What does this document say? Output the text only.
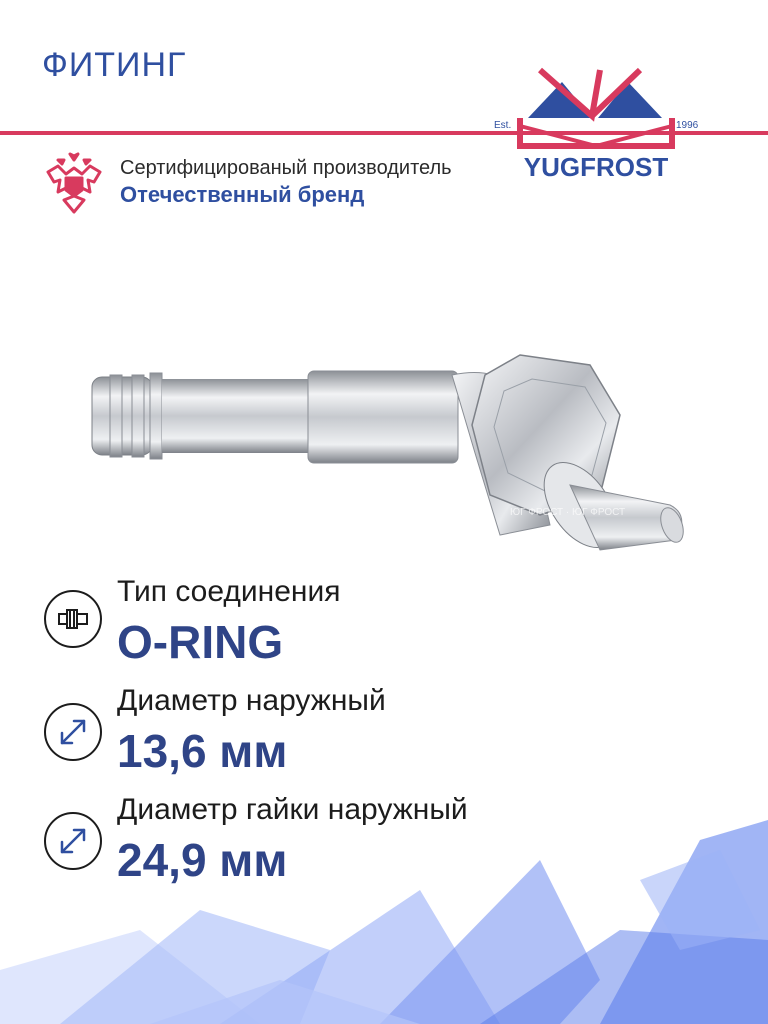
ФИТИНГ
Est.	1996
YUGFROST
Сертифицированый производитель
Отечественный бренд
ЮГ ФРОСТ · ЮГ ФРОСТ
Тип соединения
O-RING
Диаметр наружный
13,6 мм
Диаметр гайки наружный
24,9 мм
